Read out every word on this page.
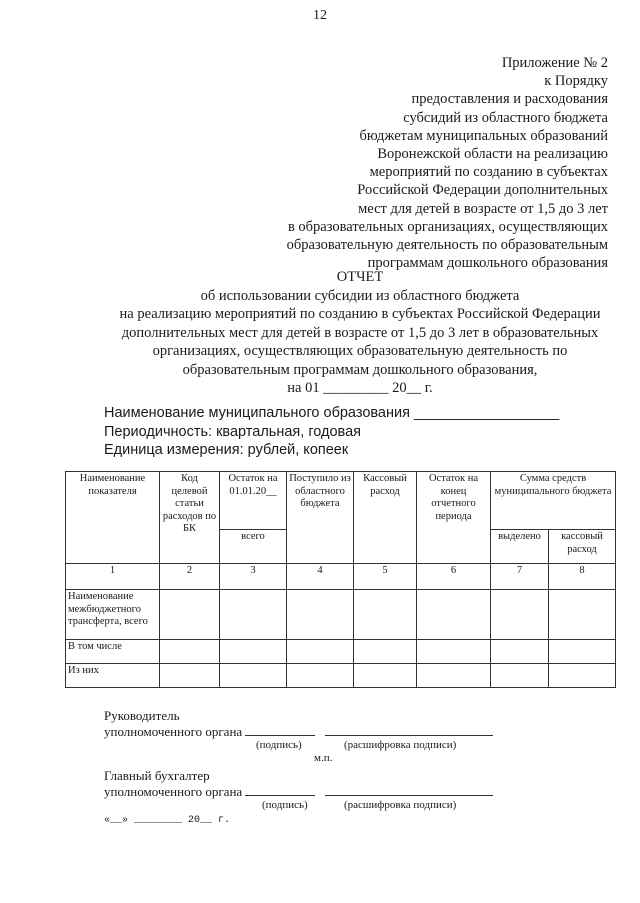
12
Приложение № 2
к Порядку
предоставления и расходования
субсидий из областного бюджета
бюджетам муниципальных образований
Воронежской области на реализацию
мероприятий по созданию в субъектах
Российской Федерации дополнительных
мест для детей в возрасте от 1,5 до 3 лет
в образовательных организациях, осуществляющих
образовательную деятельность по образовательным
программам дошкольного образования
ОТЧЕТ
об использовании субсидии из областного бюджета
на реализацию мероприятий по созданию в субъектах Российской Федерации
дополнительных мест для детей в возрасте от 1,5 до 3 лет в образовательных
организациях, осуществляющих образовательную деятельность по
образовательным программам дошкольного образования,
на 01 _________ 20__ г.
Наименование муниципального образования __________________
Периодичность: квартальная, годовая
Единица измерения: рублей, копеек
Наименование показателя	Код целевой статьи расходов по БК	Остаток на 01.01.20__	Поступило из областного бюджета	Кассовый расход	Остаток на конец отчетного периода	Сумма средств муниципального бюджета	
		всего				выделено	кассовый расход
1	2	3	4	5	6	7	8
Наименование межбюджетного трансферта, всего							
В том числе							
Из них							
Руководитель
уполномоченного органа
(подпись)	(расшифровка подписи)
м.п.
Главный бухгалтер
уполномоченного органа
(подпись)	(расшифровка подписи)
«__» ________ 20__ г.
